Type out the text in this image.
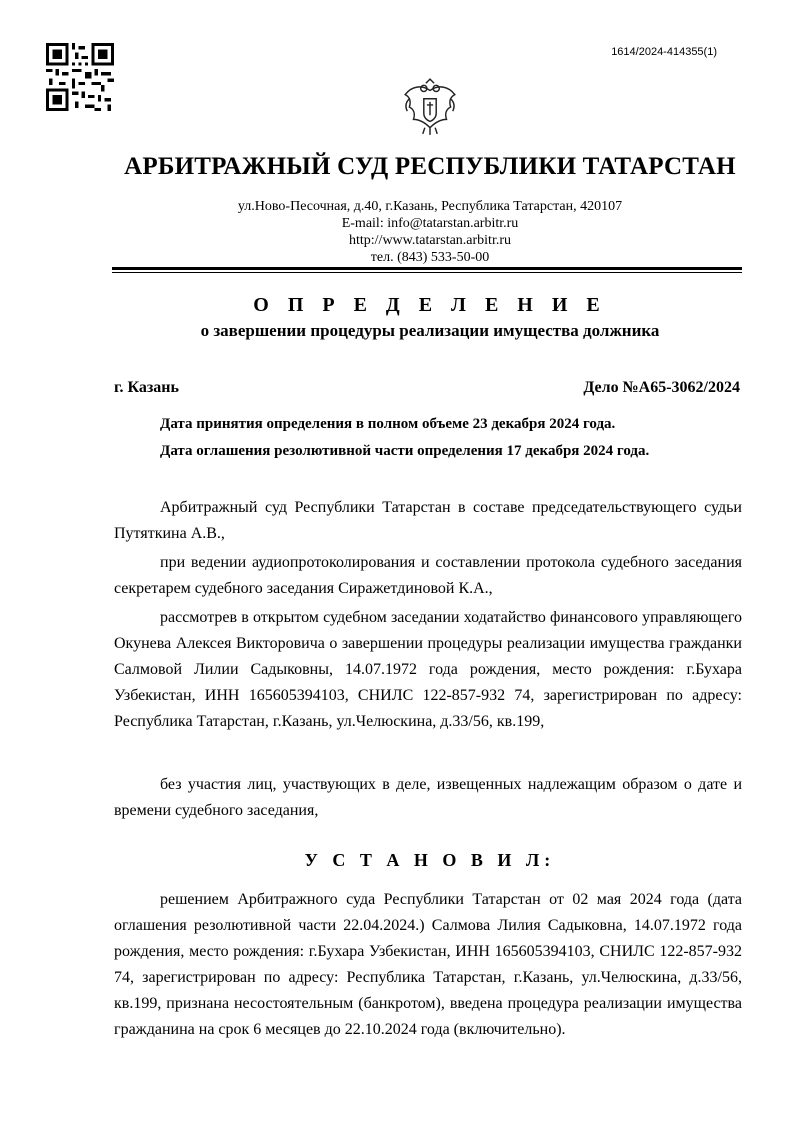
1614/2024-414355(1)
АРБИТРАЖНЫЙ СУД РЕСПУБЛИКИ ТАТАРСТАН
ул.Ново-Песочная, д.40, г.Казань, Республика Татарстан, 420107
E-mail: info@tatarstan.arbitr.ru
http://www.tatarstan.arbitr.ru
тел. (843) 533-50-00
О П Р Е Д Е Л Е Н И Е
о завершении процедуры реализации имущества должника
г. Казань	Дело №А65-3062/2024
Дата принятия определения в полном объеме 23 декабря 2024 года.
Дата оглашения резолютивной части определения 17 декабря 2024 года.

Арбитражный суд Республики Татарстан в составе председательствующего судьи Путяткина А.В.,

при ведении аудиопротоколирования и составлении протокола судебного заседания секретарем судебного заседания Сиражетдиновой К.А.,

рассмотрев в открытом судебном заседании ходатайство финансового управляющего Окунева Алексея Викторовича о завершении процедуры реализации имущества гражданки Салмовой Лилии Садыковны, 14.07.1972 года рождения, место рождения: г.Бухара Узбекистан, ИНН 165605394103, СНИЛС 122-857-932 74, зарегистрирован по адресу: Республика Татарстан, г.Казань, ул.Челюскина, д.33/56, кв.199,

без участия лиц, участвующих в деле, извещенных надлежащим образом о дате и времени судебного заседания,

У С Т А Н О В И Л:

решением Арбитражного суда Республики Татарстан от 02 мая 2024 года (дата оглашения резолютивной части 22.04.2024.) Салмова Лилия Садыковна, 14.07.1972 года рождения, место рождения: г.Бухара Узбекистан, ИНН 165605394103, СНИЛС 122-857-932 74, зарегистрирован по адресу: Республика Татарстан, г.Казань, ул.Челюскина, д.33/56, кв.199, признана несостоятельным (банкротом), введена процедура реализации имущества гражданина на срок 6 месяцев до 22.10.2024 года (включительно).
